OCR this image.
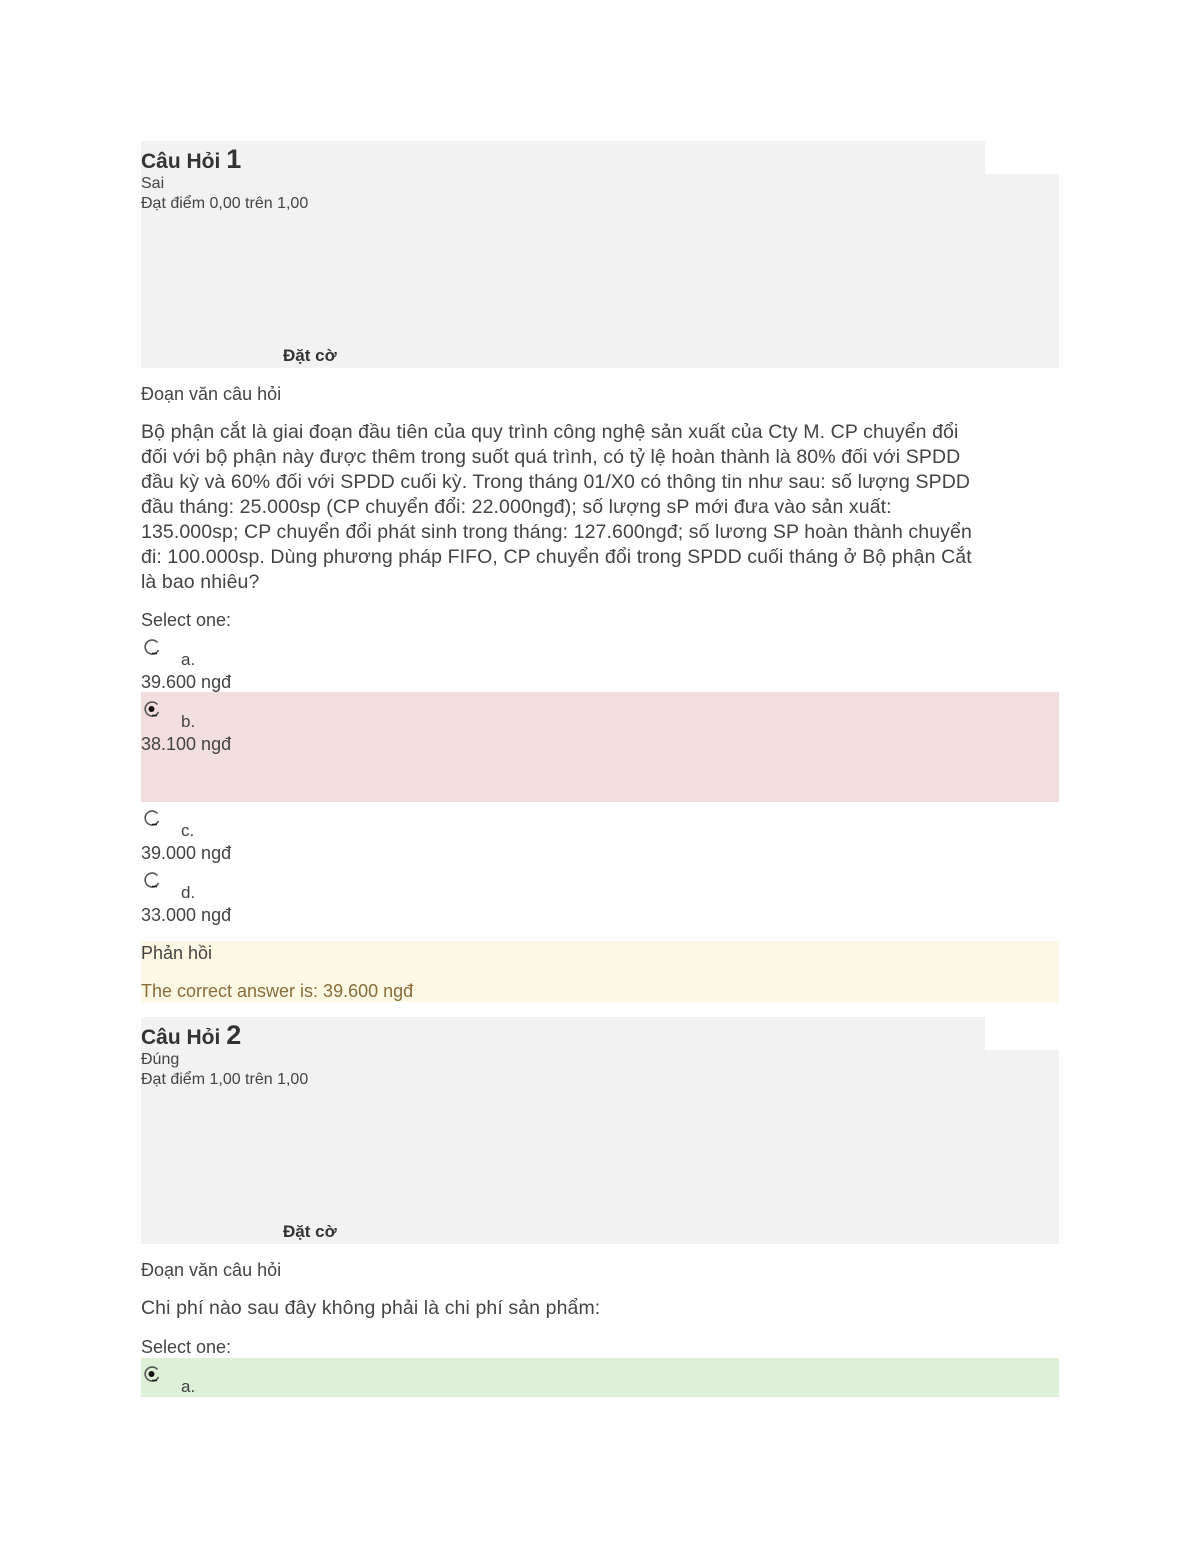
Câu Hỏi 1
Sai
Đạt điểm 0,00 trên 1,00
Đặt cờ
Đoạn văn câu hỏi
Bộ phận cắt là giai đoạn đầu tiên của quy trình công nghệ sản xuất của Cty M. CP chuyển đổi
đối với bộ phận này được thêm trong suốt quá trình, có tỷ lệ hoàn thành là 80% đối với SPDD
đầu kỳ và 60% đối với SPDD cuối kỳ. Trong tháng 01/X0 có thông tin như sau: số lượng SPDD
đầu tháng: 25.000sp (CP chuyển đổi: 22.000ngđ); số lượng sP mới đưa vào sản xuất:
135.000sp; CP chuyển đổi phát sinh trong tháng: 127.600ngđ; số lương SP hoàn thành chuyển
đi: 100.000sp. Dùng phương pháp FIFO, CP chuyển đổi trong SPDD cuối tháng ở Bộ phận Cắt
là bao nhiêu?
Select one:
a.
39.600 ngđ
b.
38.100 ngđ
c.
39.000 ngđ
d.
33.000 ngđ
Phản hồi
The correct answer is: 39.600 ngđ
Câu Hỏi 2
Đúng
Đạt điểm 1,00 trên 1,00
Đặt cờ
Đoạn văn câu hỏi
Chi phí nào sau đây không phải là chi phí sản phẩm:
Select one:
a.
